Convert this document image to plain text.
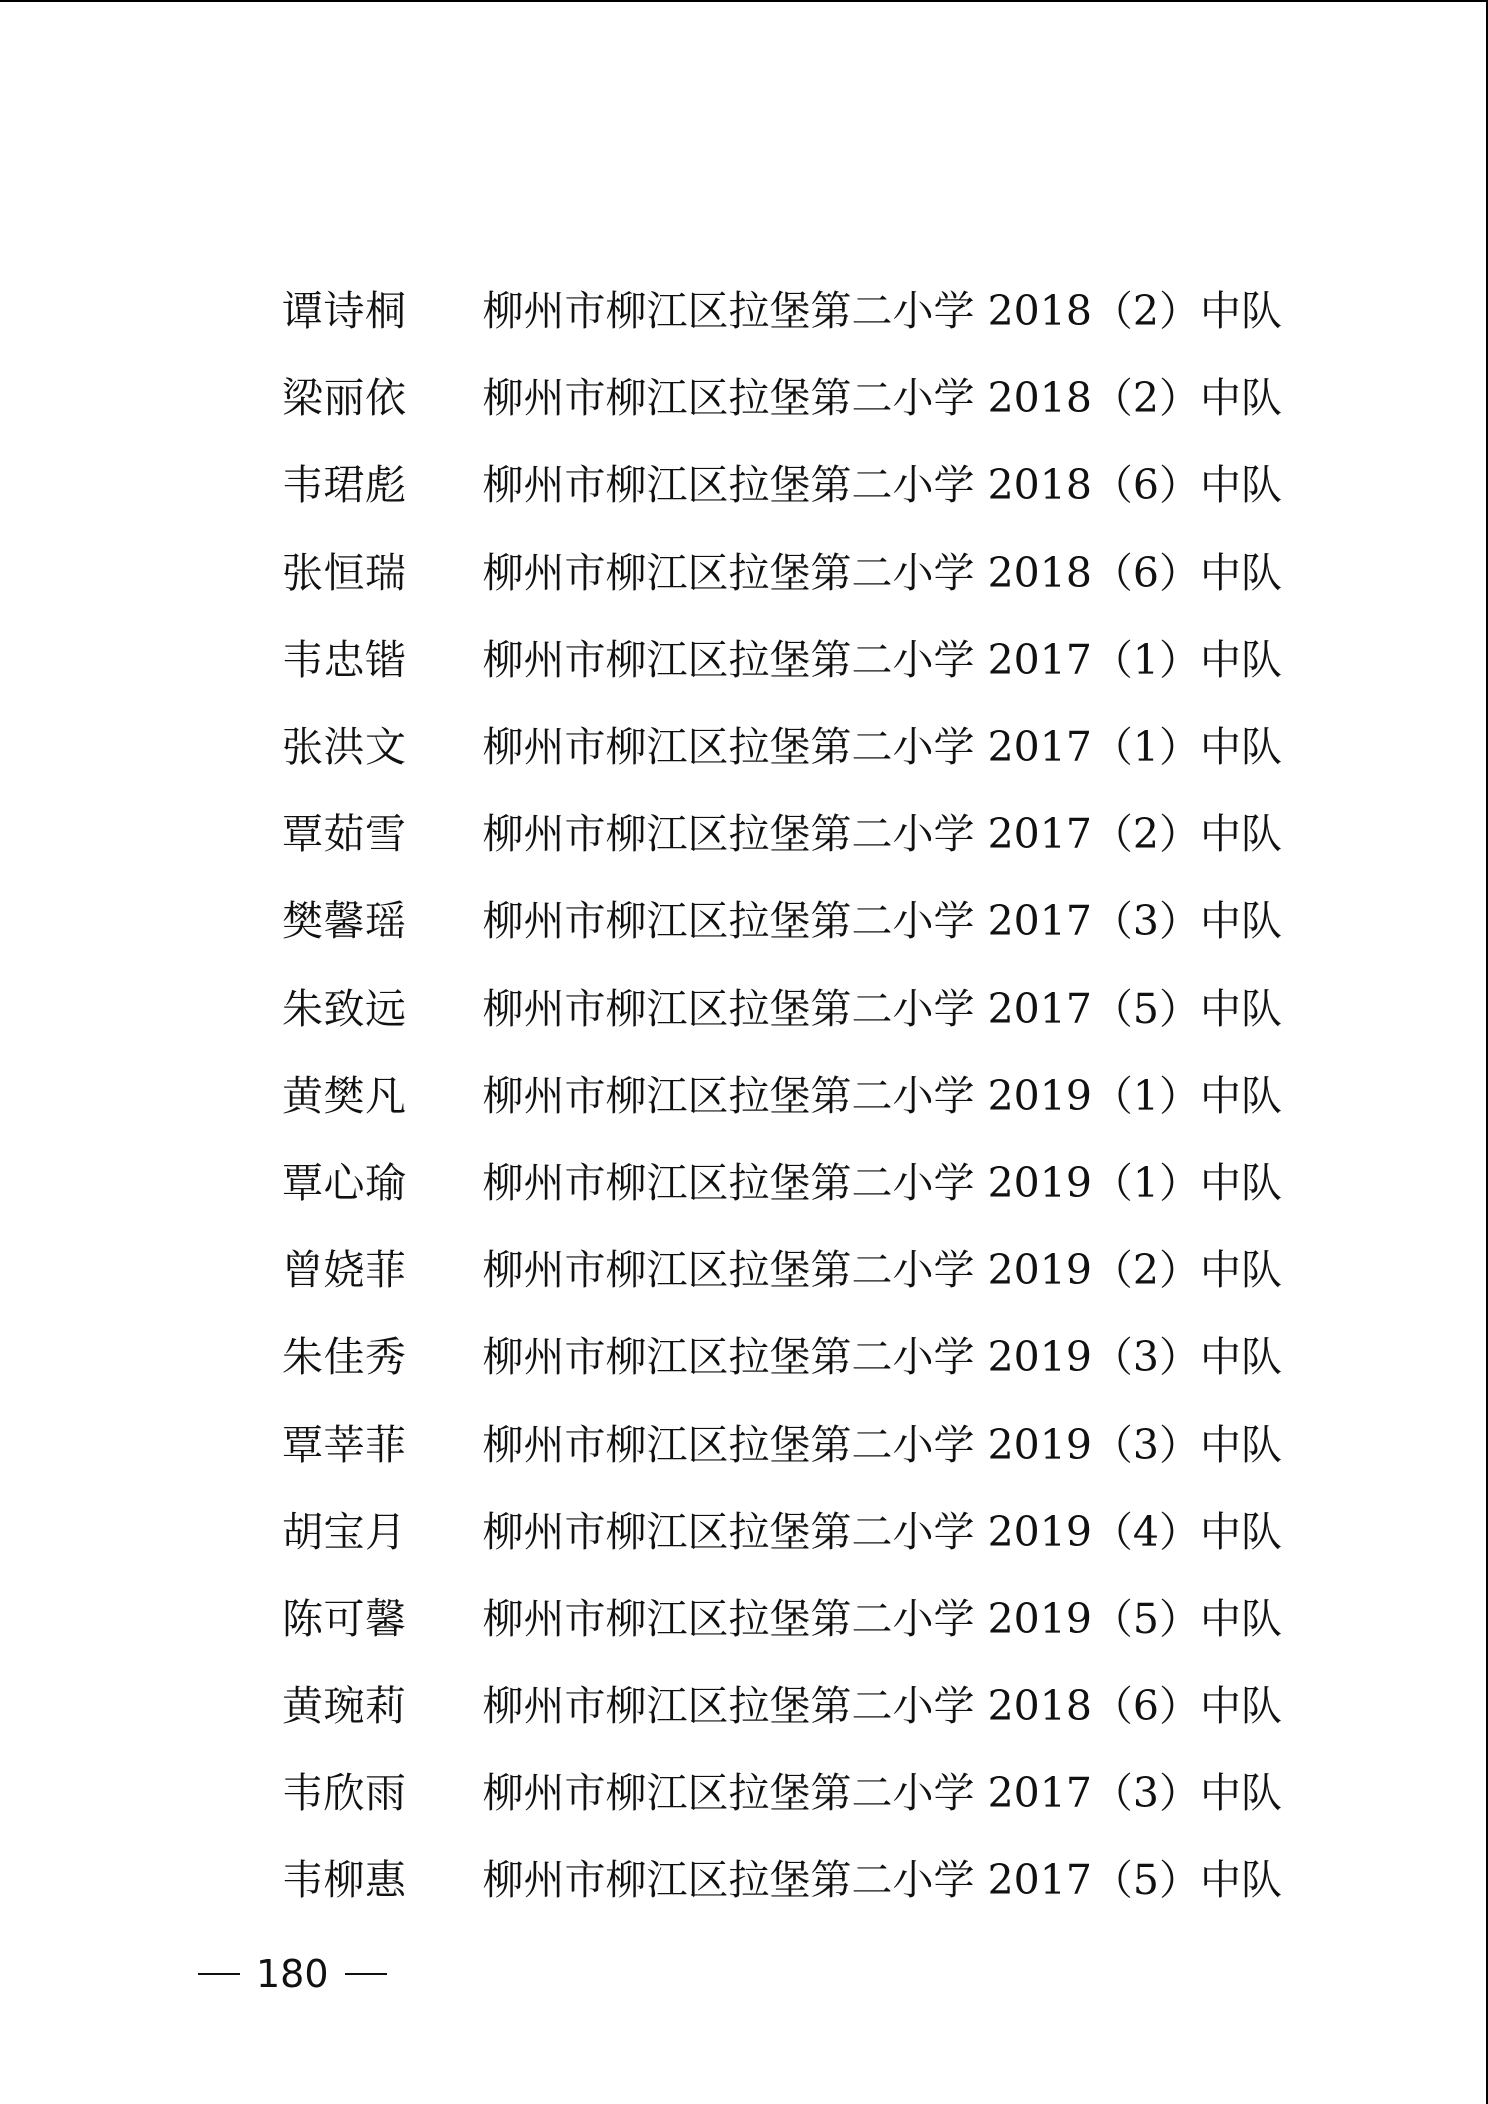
谭诗桐	柳州市柳江区拉堡第二小学 2018（2）中队
梁丽依	柳州市柳江区拉堡第二小学 2018（2）中队
韦珺彪	柳州市柳江区拉堡第二小学 2018（6）中队
张恒瑞	柳州市柳江区拉堡第二小学 2018（6）中队
韦忠锴	柳州市柳江区拉堡第二小学 2017（1）中队
张洪文	柳州市柳江区拉堡第二小学 2017（1）中队
覃茹雪	柳州市柳江区拉堡第二小学 2017（2）中队
樊馨瑶	柳州市柳江区拉堡第二小学 2017（3）中队
朱致远	柳州市柳江区拉堡第二小学 2017（5）中队
黄樊凡	柳州市柳江区拉堡第二小学 2019（1）中队
覃心瑜	柳州市柳江区拉堡第二小学 2019（1）中队
曾娆菲	柳州市柳江区拉堡第二小学 2019（2）中队
朱佳秀	柳州市柳江区拉堡第二小学 2019（3）中队
覃莘菲	柳州市柳江区拉堡第二小学 2019（3）中队
胡宝月	柳州市柳江区拉堡第二小学 2019（4）中队
陈可馨	柳州市柳江区拉堡第二小学 2019（5）中队
黄琬莉	柳州市柳江区拉堡第二小学 2018（6）中队
韦欣雨	柳州市柳江区拉堡第二小学 2017（3）中队
韦柳惠	柳州市柳江区拉堡第二小学 2017（5）中队
180
